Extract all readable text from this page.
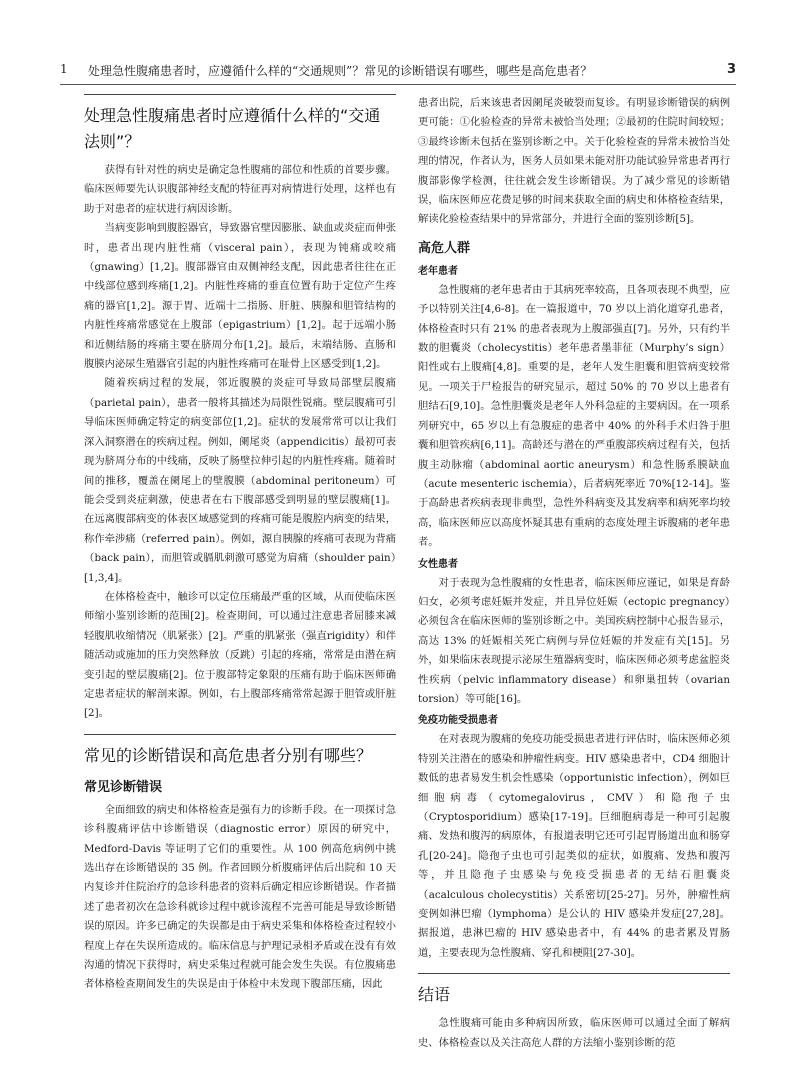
1 处理急性腹痛患者时，应遵循什么样的“交通规则”？常见的诊断错误有哪些，哪些是高危患者？	3
处理急性腹痛患者时应遵循什么样的“交通法则”？

获得有针对性的病史是确定急性腹痛的部位和性质的首要步骤。临床医师要先认识腹部神经支配的特征再对病情进行处理，这样也有助于对患者的症状进行病因诊断。

当病变影响到腹腔器官，导致器官壁因膨胀、缺血或炎症而伸张时，患者出现内脏性痛（visceral pain），表现为钝痛或咬痛（gnawing）[1,2]。腹部器官由双侧神经支配，因此患者往往在正中线部位感到疼痛[1,2]。内脏性疼痛的垂直位置有助于定位产生疼痛的器官[1,2]。源于胃、近端十二指肠、肝脏、胰腺和胆管结构的内脏性疼痛常感觉在上腹部（epigastrium）[1,2]。起于远端小肠和近侧结肠的疼痛主要在脐周分布[1,2]。最后，末端结肠、直肠和腹膜内泌尿生殖器官引起的内脏性疼痛可在耻骨上区感受到[1,2]。

随着疾病过程的发展，邻近腹膜的炎症可导致局部壁层腹痛（parietal pain），患者一般将其描述为局限性锐痛。壁层腹痛可引导临床医师确定特定的病变部位[1,2]。症状的发展常常可以让我们深入洞察潜在的疾病过程。例如，阑尾炎（appendicitis）最初可表现为脐周分布的中线痛，反映了肠壁拉伸引起的内脏性疼痛。随着时间的推移，覆盖在阑尾上的壁腹膜（abdominal peritoneum）可能会受到炎症刺激，使患者在右下腹部感受到明显的壁层腹痛[1]。在远离腹部病变的体表区域感觉到的疼痛可能是腹腔内病变的结果，称作牵涉痛（referred pain）。例如，源自胰腺的疼痛可表现为背痛（back pain），而胆管或膈肌刺激可感觉为肩痛（shoulder pain）[1,3,4]。

在体格检查中，触诊可以定位压痛最严重的区域，从而使临床医师缩小鉴别诊断的范围[2]。检查期间，可以通过注意患者屈膝来减轻腹肌收缩情况（肌紧张）[2]。严重的肌紧张（强直rigidity）和伴随活动或施加的压力突然释放（反跳）引起的疼痛，常常是由潜在病变引起的壁层腹痛[2]。位于腹部特定象限的压痛有助于临床医师确定患者症状的解剖来源。例如，右上腹部疼痛常常起源于胆管或肝脏[2]。

常见的诊断错误和高危患者分别有哪些？
常见诊断错误

全面细致的病史和体格检查是强有力的诊断手段。在一项探讨急诊科腹痛评估中诊断错误（diagnostic error）原因的研究中，Medford-Davis 等证明了它们的重要性。从 100 例高危病例中挑选出存在诊断错误的 35 例。作者回顾分析腹痛评估后出院和 10 天内复诊并住院治疗的急诊科患者的资料后确定相应诊断错误。作者描述了患者初次在急诊科就诊过程中就诊流程不完善可能是导致诊断错误的原因。许多已确定的失误都是由于病史采集和体格检查过程较小程度上存在失误所造成的。临床信息与护理记录相矛盾或在没有有效沟通的情况下获得时，病史采集过程就可能会发生失误。有位腹痛患者体格检查期间发生的失误是由于体检中未发现下腹部压痛，因此

患者出院，后来该患者因阑尾炎破裂而复诊。有明显诊断错误的病例更可能：①化验检查的异常未被恰当处理；②最初的住院时间较短；③最终诊断未包括在鉴别诊断之中。关于化验检查的异常未被恰当处理的情况，作者认为，医务人员如果未能对肝功能试验异常患者再行腹部影像学检测，往往就会发生诊断错误。为了减少常见的诊断错误，临床医师应花费足够的时间来获取全面的病史和体格检查结果，解读化验检查结果中的异常部分，并进行全面的鉴别诊断[5]。

高危人群
老年患者

急性腹痛的老年患者由于其病死率较高，且各项表现不典型，应予以特别关注[4,6-8]。在一篇报道中，70 岁以上消化道穿孔患者，体格检查时只有 21% 的患者表现为上腹部强直[7]。另外，只有约半数的胆囊炎（cholecystitis）老年患者墨菲征（Murphy’s sign）阳性或右上腹痛[4,8]。重要的是，老年人发生胆囊和胆管病变较常见。一项关于尸检报告的研究显示，超过 50% 的 70 岁以上患者有胆结石[9,10]。急性胆囊炎是老年人外科急症的主要病因。在一项系列研究中，65 岁以上有急腹症的患者中 40% 的外科手术归咎于胆囊和胆管疾病[6,11]。高龄还与潜在的严重腹部疾病过程有关，包括腹主动脉瘤（abdominal aortic aneurysm）和急性肠系膜缺血（acute mesenteric ischemia），后者病死率近 70%[12-14]。鉴于高龄患者疾病表现非典型，急性外科病变及其发病率和病死率均较高，临床医师应以高度怀疑其患有重病的态度处理主诉腹痛的老年患者。

女性患者

对于表现为急性腹痛的女性患者，临床医师应谨记，如果是育龄妇女，必须考虑妊娠并发症，并且异位妊娠（ectopic pregnancy）必须包含在临床医师的鉴别诊断之中。美国疾病控制中心报告显示，高达 13% 的妊娠相关死亡病例与异位妊娠的并发症有关[15]。另外，如果临床表现提示泌尿生殖器病变时，临床医师必须考虑盆腔炎性疾病（pelvic inflammatory disease）和卵巢扭转（ovarian torsion）等可能[16]。

免疫功能受损患者

在对表现为腹痛的免疫功能受损患者进行评估时，临床医师必须特别关注潜在的感染和肿瘤性病变。HIV 感染患者中，CD4 细胞计数低的患者易发生机会性感染（opportunistic infection），例如巨细胞病毒（cytomegalovirus，CMV）和隐孢子虫（Cryptosporidium）感染[17-19]。巨细胞病毒是一种可引起腹痛、发热和腹泻的病原体，有报道表明它还可引起胃肠道出血和肠穿孔[20-24]。隐孢子虫也可引起类似的症状，如腹痛、发热和腹泻等，并且隐孢子虫感染与免疫受损患者的无结石胆囊炎（acalculous cholecystitis）关系密切[25-27]。另外，肿瘤性病变例如淋巴瘤（lymphoma）是公认的 HIV 感染并发症[27,28]。据报道，患淋巴瘤的 HIV 感染患者中，有 44% 的患者累及胃肠道，主要表现为急性腹痛、穿孔和梗阻[27-30]。

结语

急性腹痛可能由多种病因所致，临床医师可以通过全面了解病史、体格检查以及关注高危人群的方法缩小鉴别诊断的范
